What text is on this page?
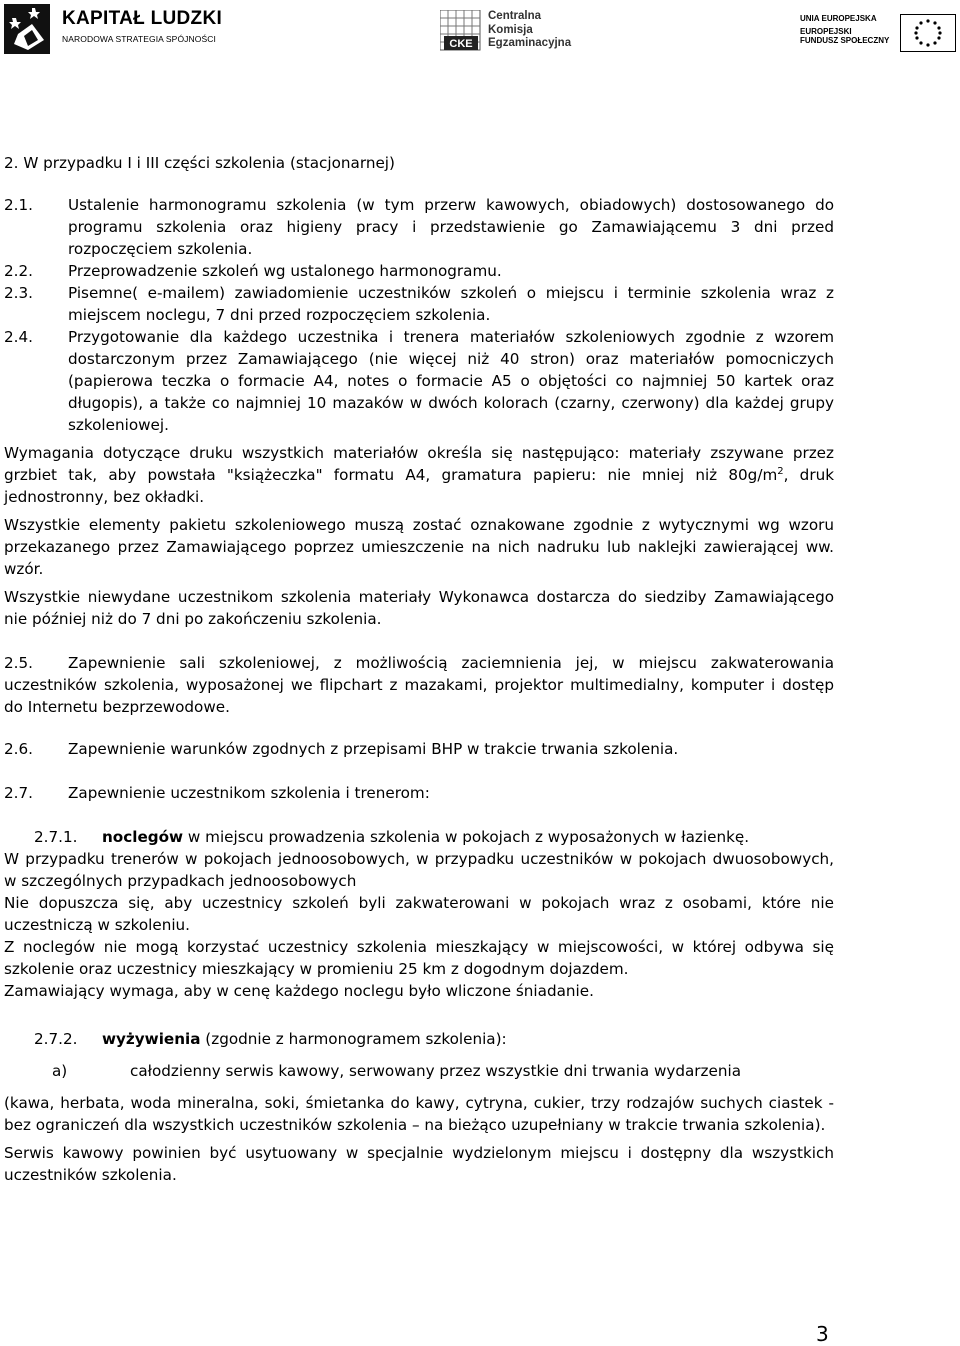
KAPITAŁ LUDZKI
NARODOWA STRATEGIA SPÓJNOŚCI	CKE
Centralna
Komisja
Egzaminacyjna
UNIA EUROPEJSKA
EUROPEJSKI
FUNDUSZ SPOŁECZNY

2. W przypadku I i III części szkolenia (stacjonarnej)

2.1. Ustalenie harmonogramu szkolenia (w tym przerw kawowych, obiadowych) dostosowanego do programu szkolenia oraz higieny pracy i przedstawienie go Zamawiającemu 3 dni przed rozpoczęciem szkolenia.
2.2. Przeprowadzenie szkoleń wg ustalonego harmonogramu.
2.3. Pisemne( e-mailem) zawiadomienie uczestników szkoleń o miejscu i terminie szkolenia wraz z miejscem noclegu, 7 dni przed rozpoczęciem szkolenia.
2.4. Przygotowanie dla każdego uczestnika i trenera materiałów szkoleniowych zgodnie z wzorem dostarczonym przez Zamawiającego (nie więcej niż 40 stron) oraz materiałów pomocniczych (papierowa teczka o formacie A4, notes o formacie A5 o objętości co najmniej 50 kartek oraz długopis), a także co najmniej 10 mazaków w dwóch kolorach (czarny, czerwony) dla każdej grupy szkoleniowej.

Wymagania dotyczące druku wszystkich materiałów określa się następująco: materiały zszywane przez grzbiet tak, aby powstała "książeczka" formatu A4, gramatura papieru: nie mniej niż $80g/m^2$, druk jednostronny, bez okładki.

Wszystkie elementy pakietu szkoleniowego muszą zostać oznakowane zgodnie z wytycznymi wg wzoru przekazanego przez Zamawiającego poprzez umieszczenie na nich nadruku lub naklejki zawierającej ww. wzór.

Wszystkie niewydane uczestnikom szkolenia materiały Wykonawca dostarcza do siedziby Zamawiającego nie później niż do 7 dni po zakończeniu szkolenia.

2.5. Zapewnienie sali szkoleniowej, z możliwością zaciemnienia jej, w miejscu zakwaterowania uczestników szkolenia, wyposażonej we flipchart z mazakami, projektor multimedialny, komputer i dostęp do Internetu bezprzewodowe.

2.6. Zapewnienie warunków zgodnych z przepisami BHP w trakcie trwania szkolenia.

2.7. Zapewnienie uczestnikom szkolenia i trenerom:

2.7.1. noclegów w miejscu prowadzenia szkolenia w pokojach z wyposażonych w łazienkę.

W przypadku trenerów w pokojach jednoosobowych, w przypadku uczestników w pokojach dwuosobowych, w szczególnych przypadkach jednoosobowych

Nie dopuszcza się, aby uczestnicy szkoleń byli zakwaterowani w pokojach wraz z osobami, które nie uczestniczą w szkoleniu.

Z noclegów nie mogą korzystać uczestnicy szkolenia mieszkający w miejscowości, w której odbywa się szkolenie oraz uczestnicy mieszkający w promieniu 25 km z dogodnym dojazdem.

Zamawiający wymaga, aby w cenę każdego noclegu było wliczone śniadanie.

2.7.2. wyżywienia (zgodnie z harmonogramem szkolenia):
a)	całodzienny serwis kawowy, serwowany przez wszystkie dni trwania wydarzenia

(kawa, herbata, woda mineralna, soki, śmietanka do kawy, cytryna, cukier, trzy rodzajów suchych ciastek - bez ograniczeń dla wszystkich uczestników szkolenia – na bieżąco uzupełniany w trakcie trwania szkolenia).

Serwis kawowy powinien być usytuowany w specjalnie wydzielonym miejscu i dostępny dla wszystkich uczestników szkolenia.

3
